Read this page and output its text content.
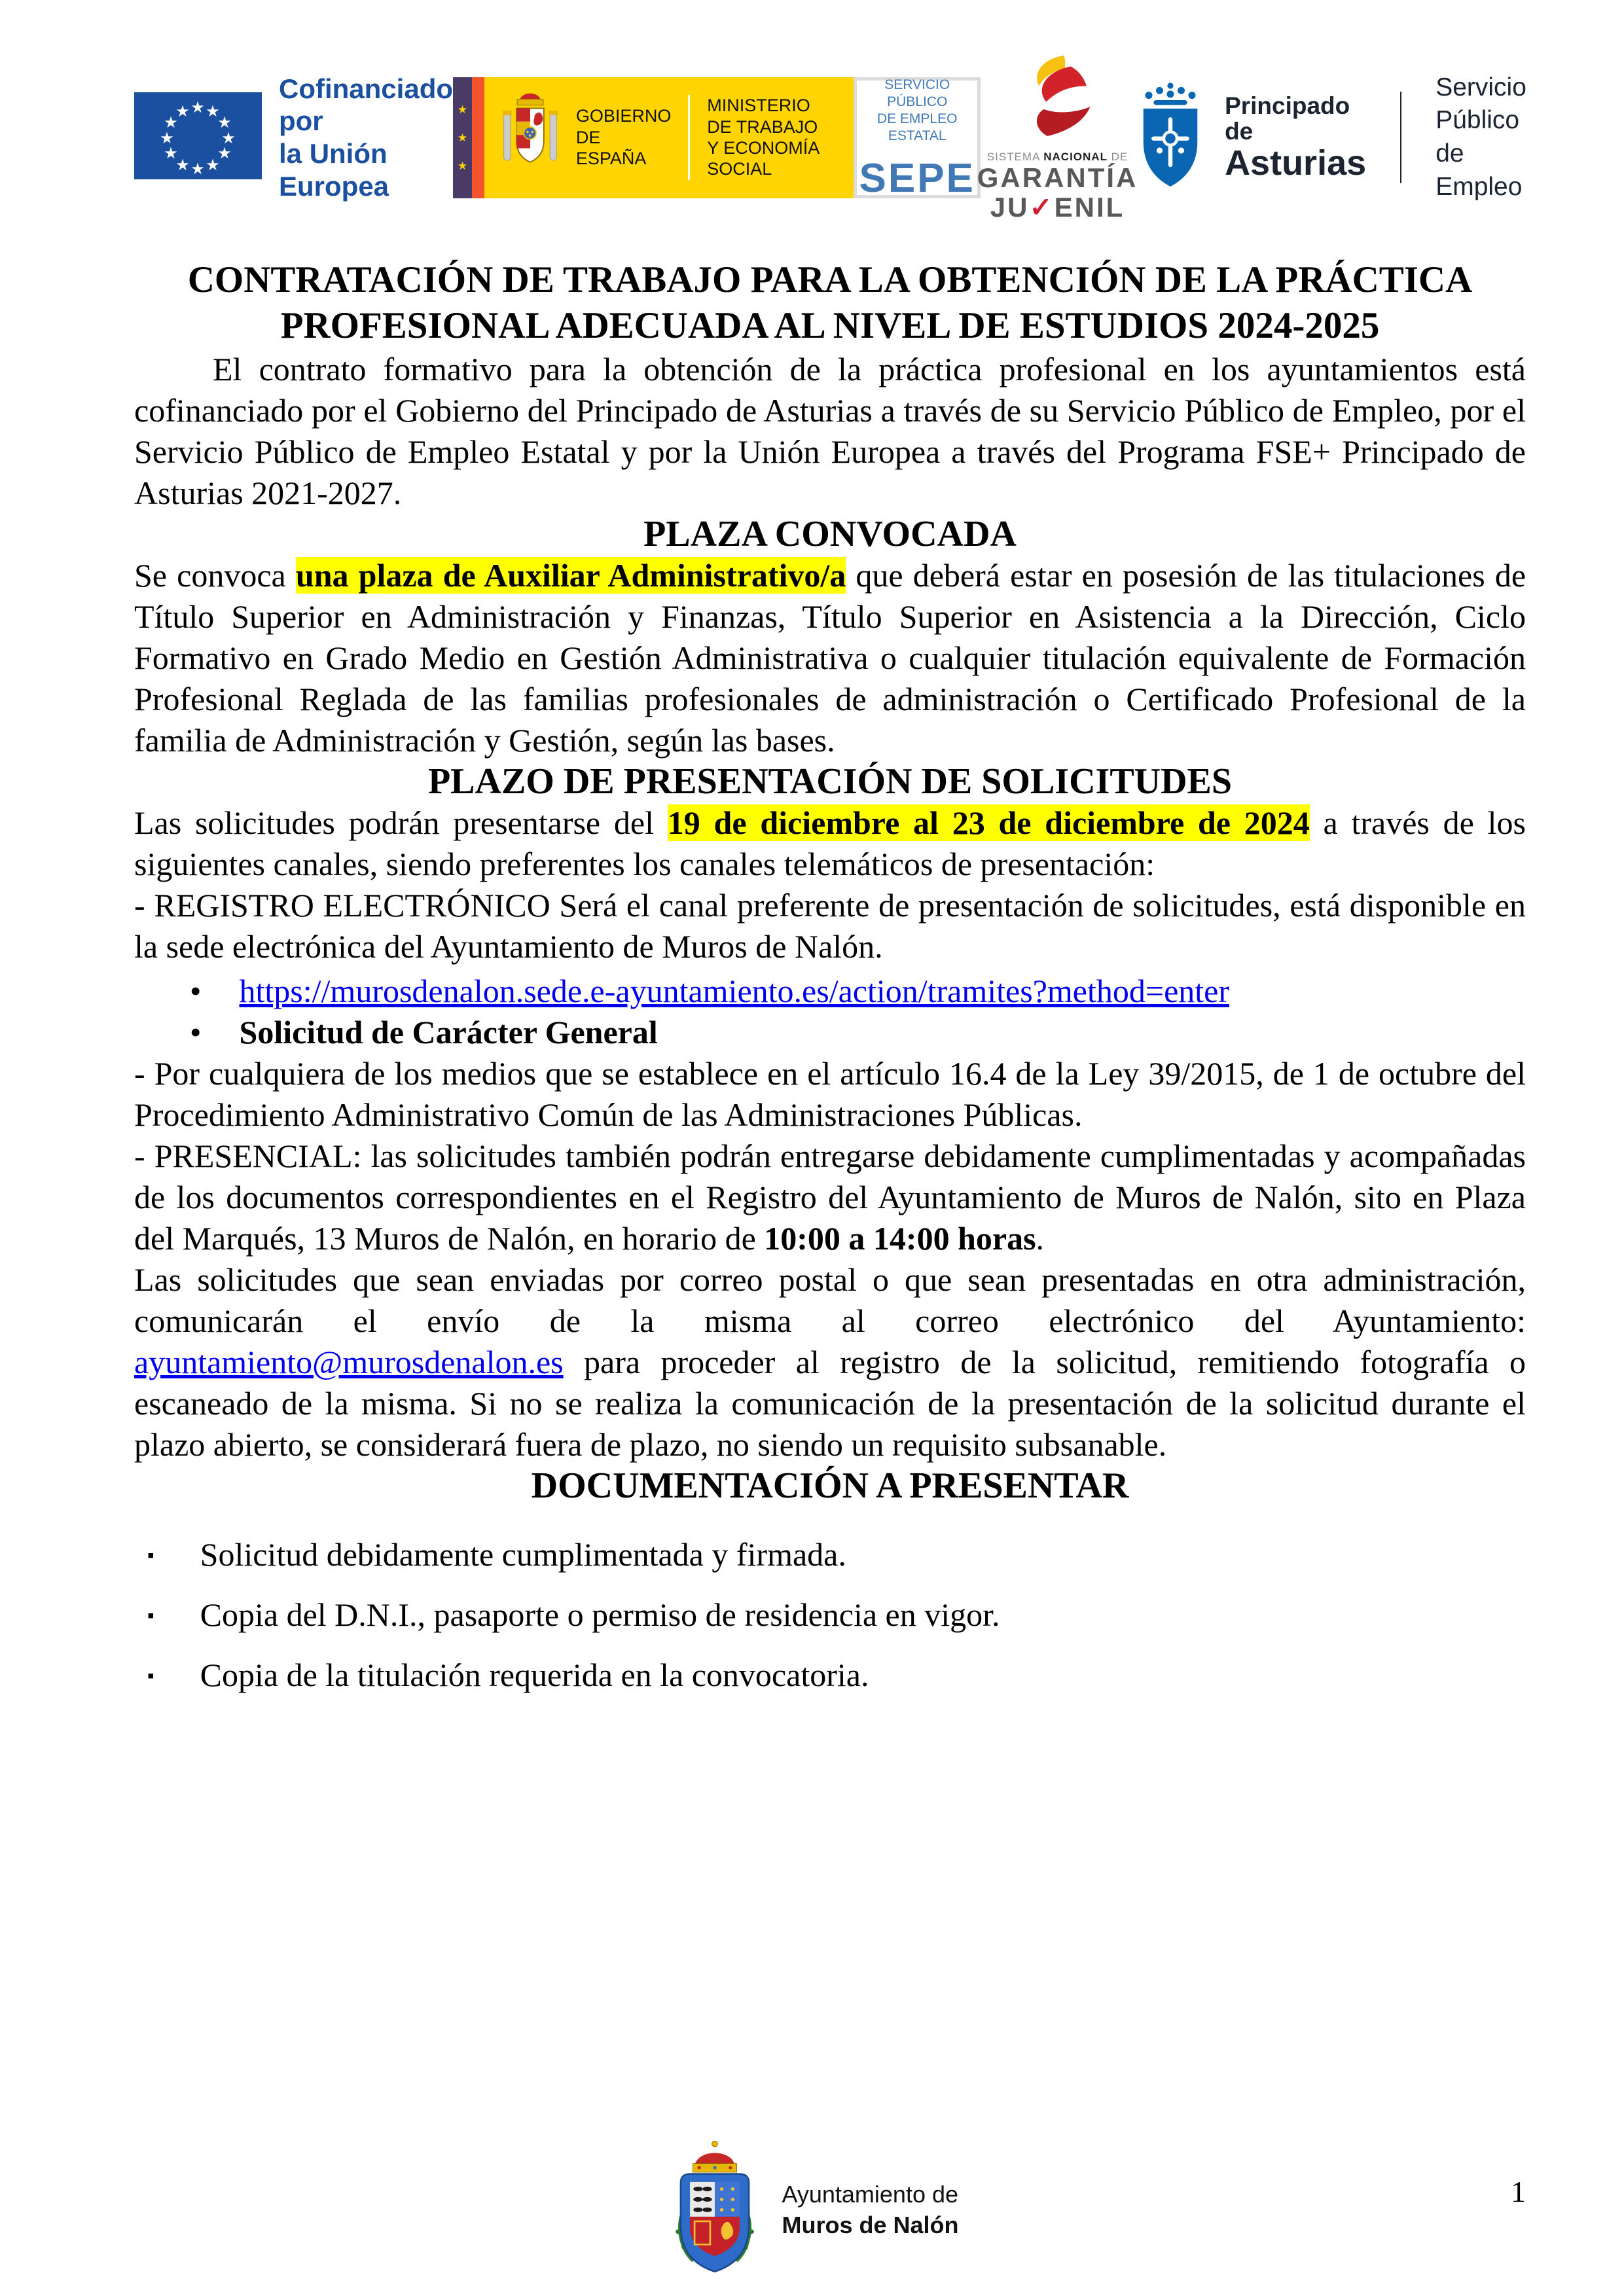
★ ★
★
★
★
★
★
★
★
★
★
★
Cofinanciado por
la Unión Europea
★
★
★
GOBIERNO
DE ESPAÑA
MINISTERIO
DE TRABAJO
Y ECONOMÍA SOCIAL
SERVICIO PÚBLICO
DE EMPLEO ESTATAL
SEPE SISTEMA NACIONAL DE
GARANTÍA
JU✓ENIL
Principado de
Asturias
Servicio Público
de Empleo
CONTRATACIÓN DE TRABAJO PARA LA OBTENCIÓN DE LA PRÁCTICA
PROFESIONAL ADECUADA AL NIVEL DE ESTUDIOS 2024-2025

El contrato formativo para la obtención de la práctica profesional en los ayuntamientos está cofinanciado por el Gobierno del Principado de Asturias a través de su Servicio Público de Empleo, por el Servicio Público de Empleo Estatal y por la Unión Europea a través del Programa FSE+ Principado de Asturias 2021-2027.

PLAZA CONVOCADA

Se convoca una plaza de Auxiliar Administrativo/a que deberá estar en posesión de las titulaciones de Título Superior en Administración y Finanzas, Título Superior en Asistencia a la Dirección, Ciclo Formativo en Grado Medio en Gestión Administrativa o cualquier titulación equivalente de Formación Profesional Reglada de las familias profesionales de administración o Certificado Profesional de la familia de Administración y Gestión, según las bases.

PLAZO DE PRESENTACIÓN DE SOLICITUDES

Las solicitudes podrán presentarse del 19 de diciembre al 23 de diciembre de 2024 a través de los siguientes canales, siendo preferentes los canales telemáticos de presentación:

- REGISTRO ELECTRÓNICO Será el canal preferente de presentación de solicitudes, está disponible en la sede electrónica del Ayuntamiento de Muros de Nalón.

• https://murosdenalon.sede.e-ayuntamiento.es/action/tramites?method=enter
• Solicitud de Carácter General

- Por cualquiera de los medios que se establece en el artículo 16.4 de la Ley 39/2015, de 1 de octubre del Procedimiento Administrativo Común de las Administraciones Públicas.

- PRESENCIAL: las solicitudes también podrán entregarse debidamente cumplimentadas y acompañadas de los documentos correspondientes en el Registro del Ayuntamiento de Muros de Nalón, sito en Plaza del Marqués, 13 Muros de Nalón, en horario de 10:00 a 14:00 horas.

Las solicitudes que sean enviadas por correo postal o que sean presentadas en otra administración, comunicarán el envío de la misma al correo electrónico del Ayuntamiento: ayuntamiento@murosdenalon.es para proceder al registro de la solicitud, remitiendo fotografía o escaneado de la misma. Si no se realiza la comunicación de la presentación de la solicitud durante el plazo abierto, se considerará fuera de plazo, no siendo un requisito subsanable.

DOCUMENTACIÓN A PRESENTAR
▪ Solicitud debidamente cumplimentada y firmada.
▪ Copia del D.N.I., pasaporte o permiso de residencia en vigor.
▪ Copia de la titulación requerida en la convocatoria.
Ayuntamiento de
Muros de Nalón
1
